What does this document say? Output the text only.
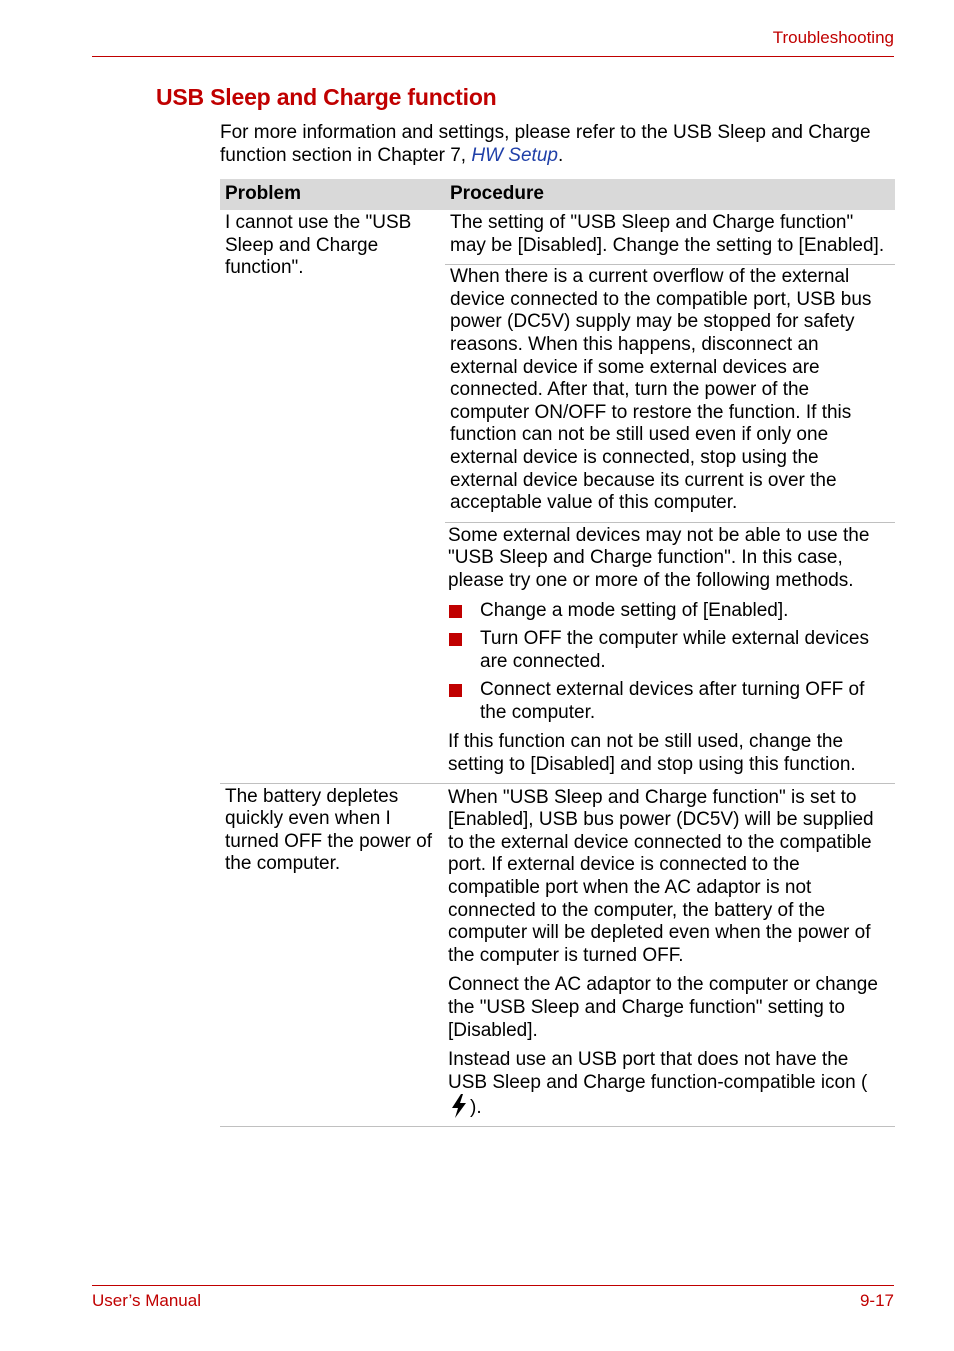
Troubleshooting
USB Sleep and Charge function

For more information and settings, please refer to the USB Sleep and Charge function section in Chapter 7, HW Setup.

Problem	Procedure
I cannot use the "USB Sleep and Charge function".

The setting of "USB Sleep and Charge function" may be [Disabled]. Change the setting to [Enabled].

When there is a current overflow of the external device connected to the compatible port, USB bus power (DC5V) supply may be stopped for safety reasons. When this happens, disconnect an external device if some external devices are connected. After that, turn the power of the computer ON/OFF to restore the function. If this function can not be still used even if only one external device is connected, stop using the external device because its current is over the acceptable value of this computer.

Some external devices may not be able to use the "USB Sleep and Charge function". In this case, please try one or more of the following methods.

Change a mode setting of [Enabled].
Turn OFF the computer while external devices are connected.
Connect external devices after turning OFF of the computer.

If this function can not be still used, change the setting to [Disabled] and stop using this function.

The battery depletes quickly even when I turned OFF the power of the computer.

When "USB Sleep and Charge function" is set to [Enabled], USB bus power (DC5V) will be supplied to the external device connected to the compatible port. If external device is connected to the compatible port when the AC adaptor is not connected to the computer, the battery of the computer will be depleted even when the power of the computer is turned OFF.

Connect the AC adaptor to the computer or change the "USB Sleep and Charge function" setting to [Disabled].

Instead use an USB port that does not have the USB Sleep and Charge function-compatible icon ().

User’s Manual	9-17
